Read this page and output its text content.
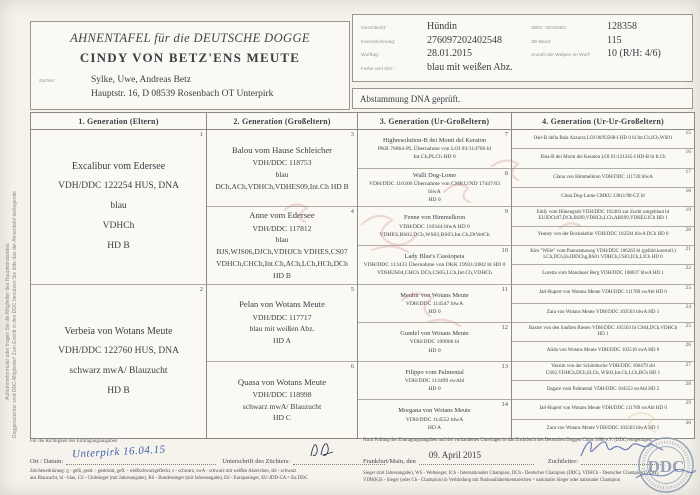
Doggenzüchter sind DDC-Mitglieder! Zum Eintritt in den DDC benutzen Sie bitte das der Ahnentafel beiliegende
Aufnahmeformular oder fragen Sie die Mitglieder des Hauptvorstandes
AHNENTAFEL für die DEUTSCHE DOGGE
CINDY VON BETZ'ENS MEUTE
Züchter:	Sylke, Uwe, Andreas Betz
Hauptstr. 16, D 08539 Rosenbach OT Unterpirk
Geschlecht:	Hündin
Kennzeichnung:	276097202402548
Wurftag:	28.01.2015
Farbe und Abz.:	blau mit weißen Abz.
ZBNr: VDH/DDC	128358
ZB-Band:	115
Anzahl der Welpen im Wurf:	10 (R/H: 4/6)
Abstammung DNA geprüft.
1. Generation (Eltern)
1
Excalibur vom Edersee
VDH/DDC 122254 HUS, DNA
blau
VDHCh
HD B
2
Verbeia von Wotans Meute
VDH/DDC 122760 HUS, DNA
schwarz mwA/ Blauzucht
HD B
2. Generation (Großeltern)
3
Balou vom Hause Schleicher
VDH/DDC 118753
blau
DCh,ACh,VDHCh,VDHES09,Int.Ch HD B
4
Anne vom Edersee
VDH/DDC 117812
blau
BJS,WJS06,DJCh,VDHJCh VDHES,CS07
VDHCh,CHCh,Int.Ch,ACh,LCh,HCh,DCh HD B
5
Pelan von Wotans Meute
VDH/DDC 117717
blau mit weißen Abz.
HD A
6
Quasa von Wotans Meute
VDH/DDC 118998
schwarz mwA/ Blauzucht
HD C
3. Generation (Ur-Großeltern)
7
Highresolution-B dei Monti del Keraton
PKR 76864-PL Übernahme von LOI 03/114706 bl
Int.Ch,PLCh HD 0
8
Walli Dog-Lome
VDH/DDC 116306 Übernahme von CMKU/ND 17447/03
blwA
HD 0
9
Fenne von Himmelkron
VDH/DDC 110344 blwA HD 0
VDHES,BS02,DCh,WS03,BS03,Int.Ch,DtVetCh
10
Lady Blue's Cassiopeia
VDH/DDC 113433 Übernahme von DKK 19931/2002 bl HD 0
VDHEJS04,CHCh DCh,CS05,LCh,Int.Ch,VDHCh
11
Menhir von Wotans Meute
VDH/DDC 114547 blwA
HD 0
12
Gundel von Wotans Meute
VDH/DDC 109966 bl
HD 0
13
Filippo vom Palmental
VDH/DDC 113499 swAbl
HD 0
14
Morgana von Wotans Meute
VDH/DDC 114552 blwA
HD A
4. Generation (Ur-Ur-Großeltern)
15
Osir-B della Baia Azzurra LOI 00/93568-I HD 0 bl Int.Ch,ICh,WS01
16
Ebia-B dei Monti del Keraton LOI 01/121245-I HD-B bl It.Ch
17
Glana von Himmelkron VDH/DDC 111728 blwA
18
Cinta Dog-Lome CMKU 13811/98-CZ bl
19
Eddy vom Hünengrab VDH/DDC 102403 zur Zucht umgeblaut bl
EUJDCh97,DCh,BS99,VDHCh,LCh,ABS99,VDHEUJCh HD 1
20
Yeaney von der Bockskehle VDH/DDC 102594 blwA DCh HD 0
21
Kim "Wille" vom Panoramaweg VDH/DDC 106263 bl (gelbbl.kontroll.)
LCh,DCh,EuJDDChg,BS01 VDHCh,CS03,ICh,LJCh HD 0
22
Loretta vom Mandauer Berg VDH/DDC 108037 blwA HD 1
23
Jarl-Rupert von Wotans Meute VDH/DDC 111789 swAbl HD 0
24
Zara von Wotans Meute VDH/DDC 103503 blwA HD 1
25
Baxter von den Sanften Riesen VDH/DDC 105503 bl CS04,DCh,VDHCh
HD 1
26
Alida von Wotans Meute VDH/DDC 103510 swA HD 0
27
Vassim von der Schönbuche VDH/DDC 106479 sbl
CS02,VDHCh,DCh,SLCh, WS03,Int.Ch,LCh,BCh HD 1
28
Dagare vom Palmental VDH/DDC 104553 swAbl HD 2
29
Jarl-Rupert von Wotans Meute VDH/DDC 111789 swAbl HD 0
30
Zara von Wotans Meute VDH/DDC 103503 blwA HD 1
Für die Richtigkeit der Eintragungsangaben
Ort / Datum:
Unterpirk 16.04.15
Unterschrift des Züchters:
Zeichenerklärung: g - gelb, gestr. - gestromt, gefl. - weißschwarzgefleckt, s - schwarz, swA - schwarz mit weißen Abzeichen, sbl - schwarz
aus Blauzucht, bl - blau, CS - Clubsieger (mit Jahresangabe), BS - Bundessieger (mit Jahresangabe), ES - Europasieger, EU-JDD-CA = Eu.DDC
Nach Prüfung der Eintragungsangaben und der vorhandenen Unterlagen in das Zuchtbuch des Deutschen Doggen Clubs 1888 e.V. (DDC) eingetragen.
Frankfurt/Main, den
09. April 2015
Zuchtleiter:
Sieger (mit Jahresangabe), WS - Weltsieger, ICh - Internationaler Champion, DCh - Deutscher Champion (DDC), VDHCh - Deutscher Champion (VDH),
VDH(K)S - Sieger (oder Ch - Champion) in Verbindung mit Nationalitätenkennzeichen = nationaler Sieger oder nationaler Champion
DDC
